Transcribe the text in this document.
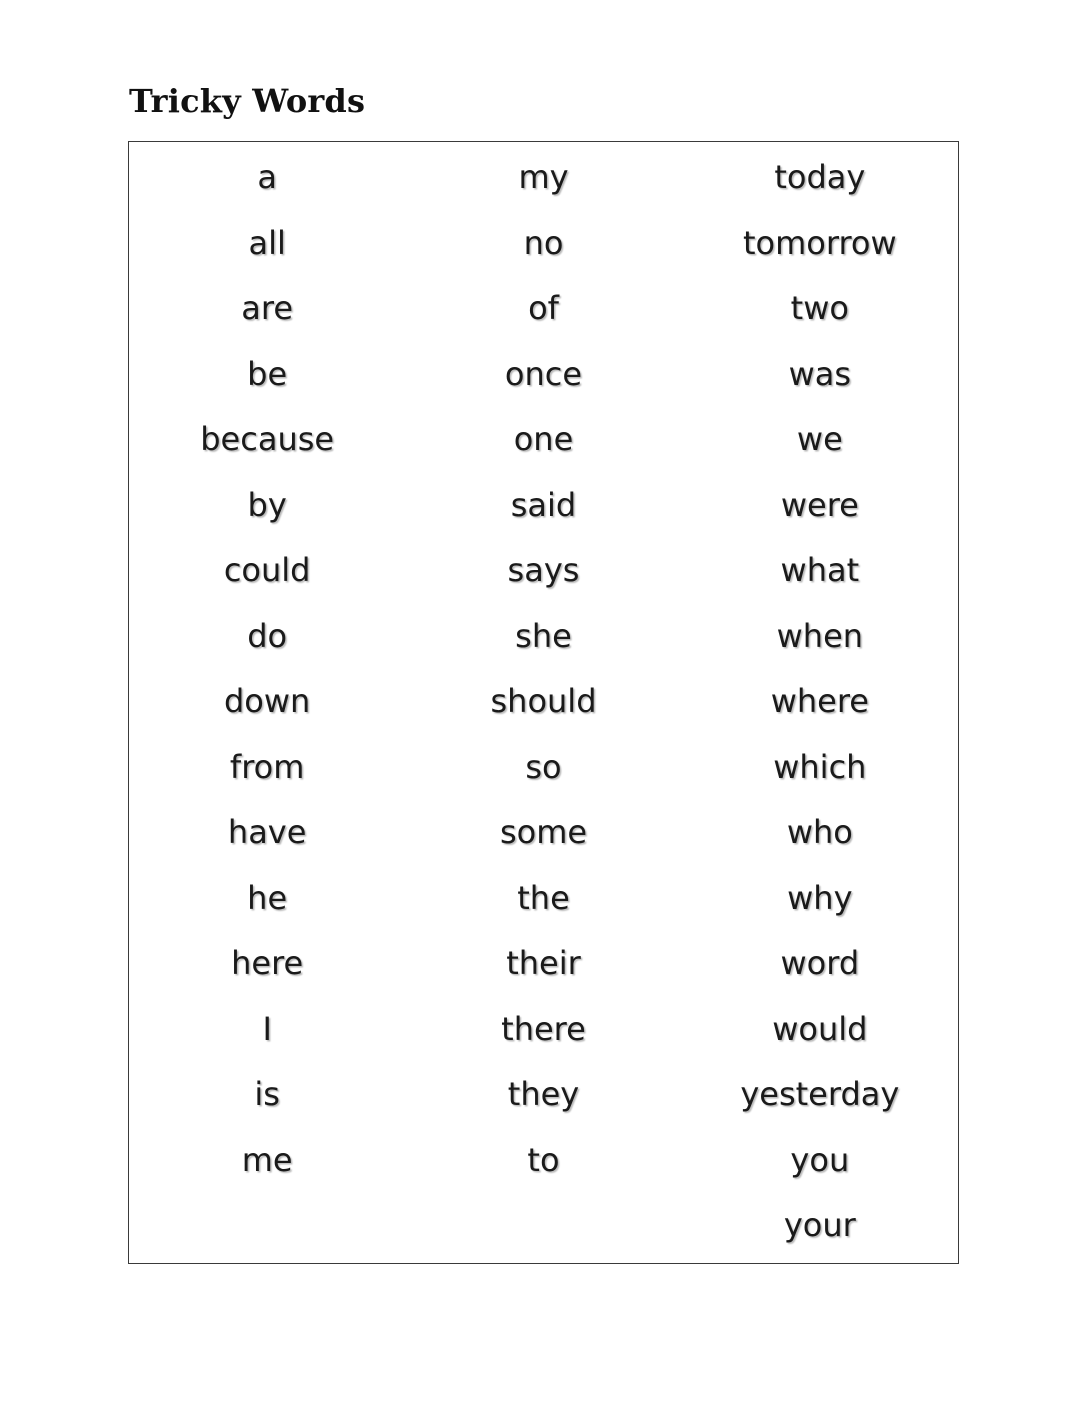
Tricky Words
a
all
are
be
because
by
could
do
down
from
have
he
here
I
is
me
my
no
of
once
one
said
says
she
should
so
some
the
their
there
they
to
today
tomorrow
two
was
we
were
what
when
where
which
who
why
word
would
yesterday
you
your
